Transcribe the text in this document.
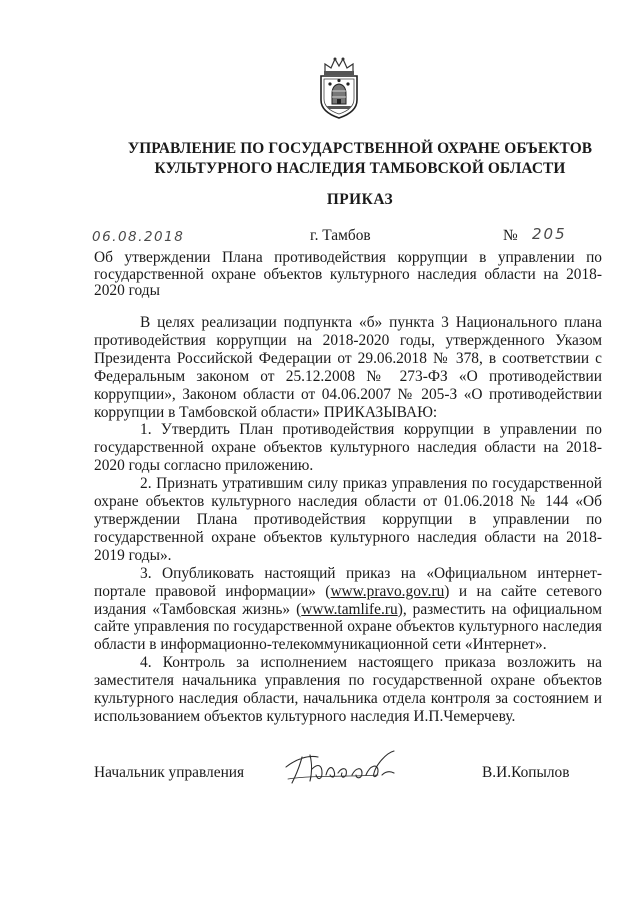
УПРАВЛЕНИЕ ПО ГОСУДАРСТВЕННОЙ ОХРАНЕ ОБЪЕКТОВ
КУЛЬТУРНОГО НАСЛЕДИЯ ТАМБОВСКОЙ ОБЛАСТИ
ПРИКАЗ
06.08.2018	г. Тамбов	№ 205
Об утверждении Плана противодействия коррупции в управлении по государственной охране объектов культурного наследия области на 2018-2020 годы

В целях реализации подпункта «б» пункта 3 Национального плана противодействия коррупции на 2018-2020 годы, утвержденного Указом Президента Российской Федерации от 29.06.2018 № 378, в соответствии с Федеральным законом от 25.12.2008 № 273-ФЗ «О противодействии коррупции», Законом области от 04.06.2007 № 205-З «О противодействии коррупции в Тамбовской области» ПРИКАЗЫВАЮ:

1. Утвердить План противодействия коррупции в управлении по государственной охране объектов культурного наследия области на 2018-2020 годы согласно приложению.

2. Признать утратившим силу приказ управления по государственной охране объектов культурного наследия области от 01.06.2018 № 144 «Об утверждении Плана противодействия коррупции в управлении по государственной охране объектов культурного наследия области на 2018-2019 годы».

3. Опубликовать настоящий приказ на «Официальном интернет-портале правовой информации» (www.pravo.gov.ru) и на сайте сетевого издания «Тамбовская жизнь» (www.tamlife.ru), разместить на официальном сайте управления по государственной охране объектов культурного наследия области в информационно-телекоммуникационной сети «Интернет».

4. Контроль за исполнением настоящего приказа возложить на заместителя начальника управления по государственной охране объектов культурного наследия области, начальника отдела контроля за состоянием и использованием объектов культурного наследия И.П.Чемерчеву.

Начальник управления	В.И.Копылов
